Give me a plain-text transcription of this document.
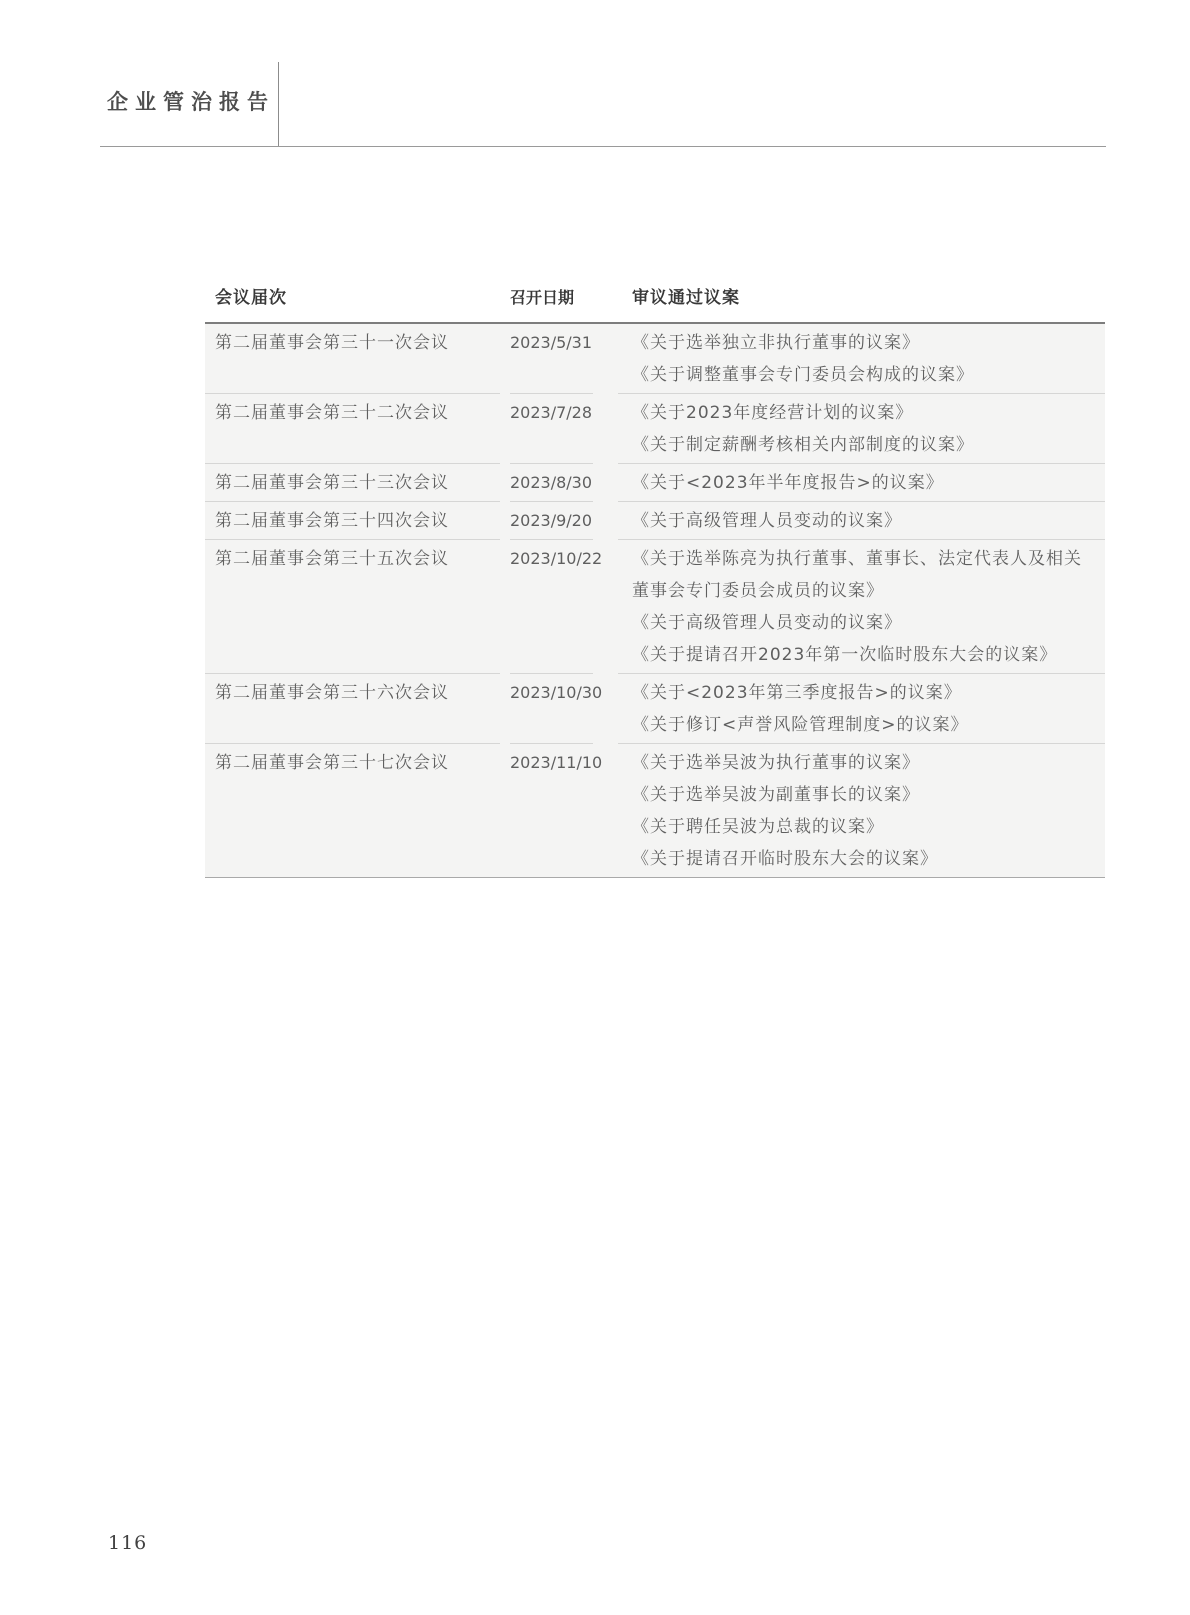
企业管治报告
会议届次	召开日期	审议通过议案
第二届董事会第三十一次会议	2023/5/31 《关于选举独立非执行董事的议案》
《关于调整董事会专门委员会构成的议案》
第二届董事会第三十二次会议	2023/7/28 《关于2023年度经营计划的议案》
《关于制定薪酬考核相关内部制度的议案》
第二届董事会第三十三次会议	2023/8/30 《关于<2023年半年度报告>的议案》
第二届董事会第三十四次会议	2023/9/20 《关于高级管理人员变动的议案》
第二届董事会第三十五次会议	2023/10/22 《关于选举陈亮为执行董事、董事长、法定代表人及相关董事会专门委员会成员的议案》
《关于高级管理人员变动的议案》
《关于提请召开2023年第一次临时股东大会的议案》
第二届董事会第三十六次会议	2023/10/30 《关于<2023年第三季度报告>的议案》
《关于修订<声誉风险管理制度>的议案》
第二届董事会第三十七次会议	2023/11/10 《关于选举吴波为执行董事的议案》
《关于选举吴波为副董事长的议案》
《关于聘任吴波为总裁的议案》
《关于提请召开临时股东大会的议案》
116
